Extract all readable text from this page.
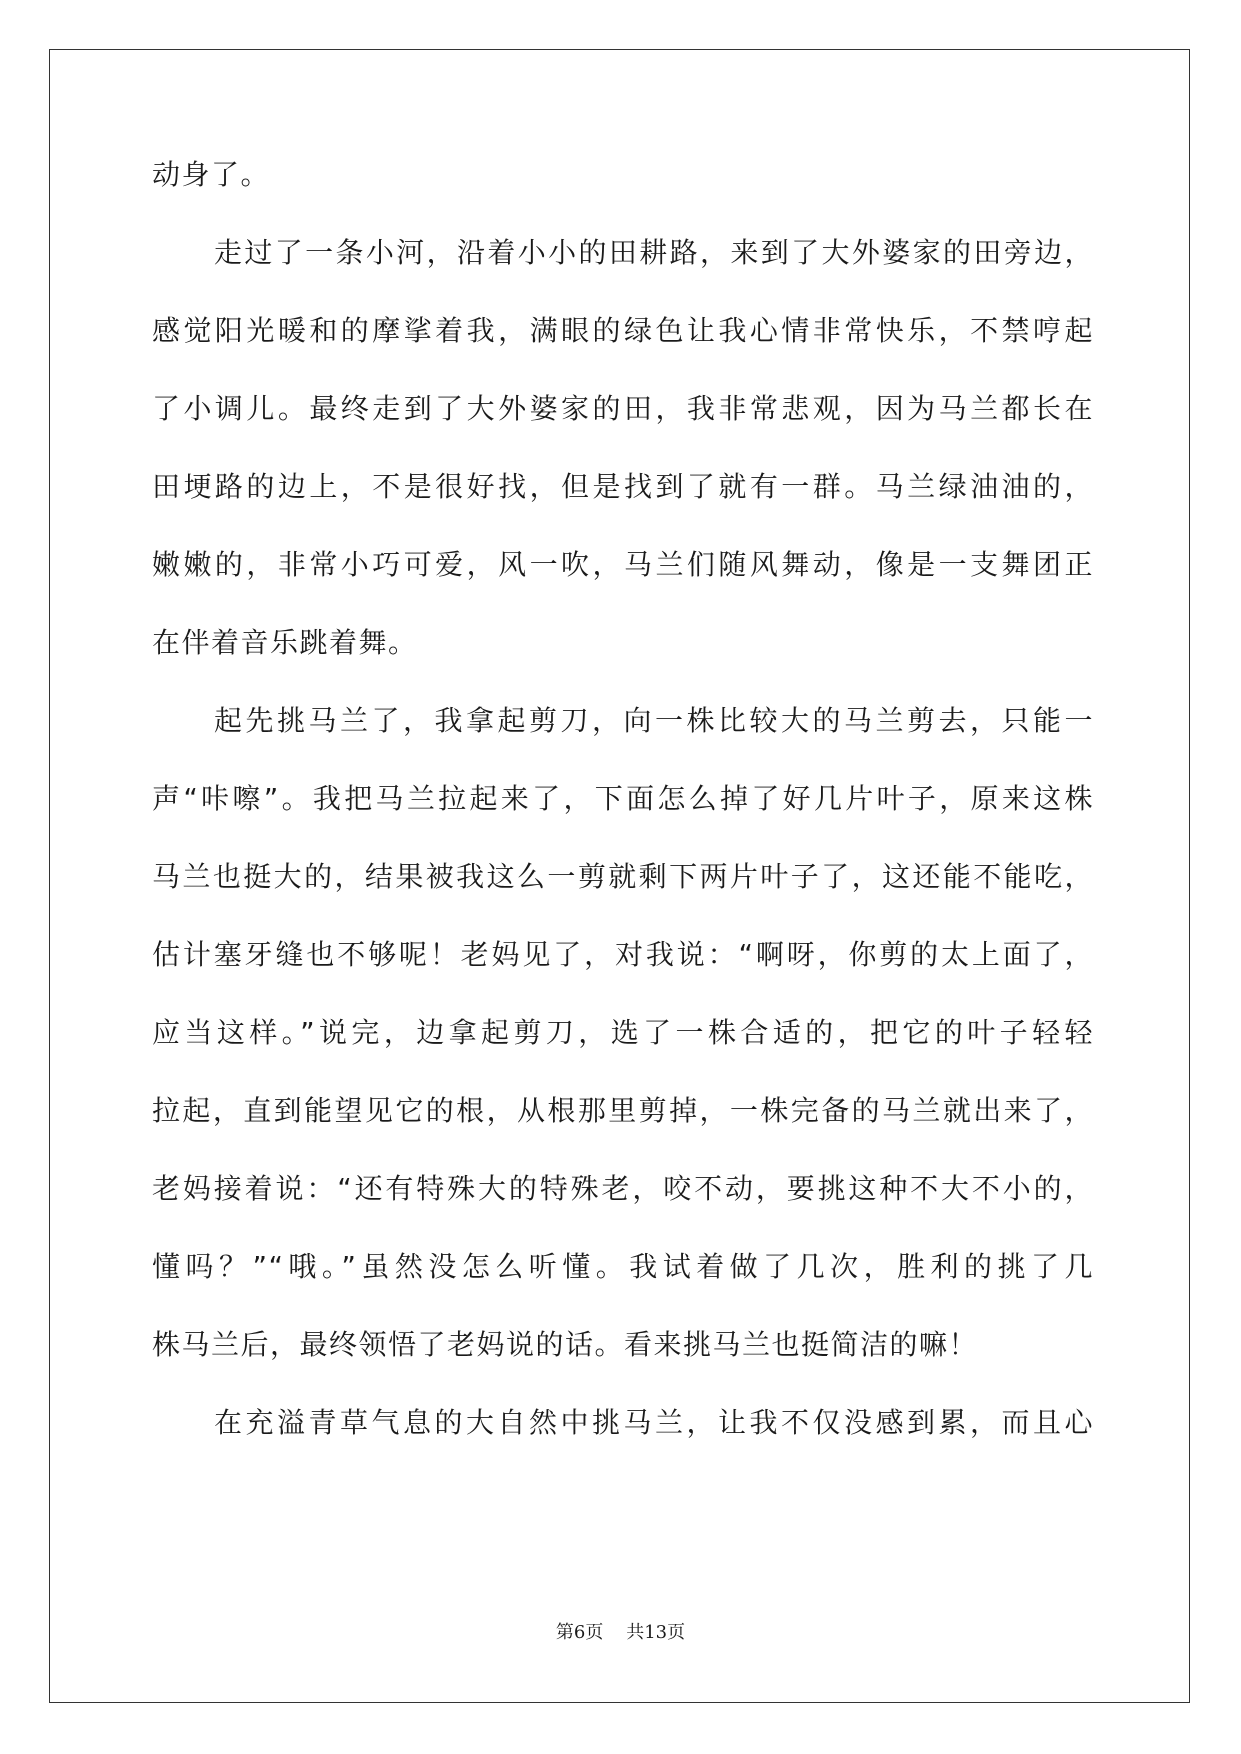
动身了。
走过了一条小河，沿着小小的田耕路，来到了大外婆家的田旁边，
感觉阳光暖和的摩挲着我，满眼的绿色让我心情非常快乐，不禁哼起
了小调儿。最终走到了大外婆家的田，我非常悲观，因为马兰都长在
田埂路的边上，不是很好找，但是找到了就有一群。马兰绿油油的，
嫩嫩的，非常小巧可爱，风一吹，马兰们随风舞动，像是一支舞团正
在伴着音乐跳着舞。
起先挑马兰了，我拿起剪刀，向一株比较大的马兰剪去，只能一
声“咔嚓”。我把马兰拉起来了，下面怎么掉了好几片叶子，原来这株
马兰也挺大的，结果被我这么一剪就剩下两片叶子了，这还能不能吃，
估计塞牙缝也不够呢！老妈见了，对我说：“啊呀，你剪的太上面了，
应当这样。”说完，边拿起剪刀，选了一株合适的，把它的叶子轻轻
拉起，直到能望见它的根，从根那里剪掉，一株完备的马兰就出来了，
老妈接着说：“还有特殊大的特殊老，咬不动，要挑这种不大不小的，
懂吗？”“哦。”虽然没怎么听懂。我试着做了几次，胜利的挑了几
株马兰后，最终领悟了老妈说的话。看来挑马兰也挺简洁的嘛！
在充溢青草气息的大自然中挑马兰，让我不仅没感到累，而且心
第6页 共13页
